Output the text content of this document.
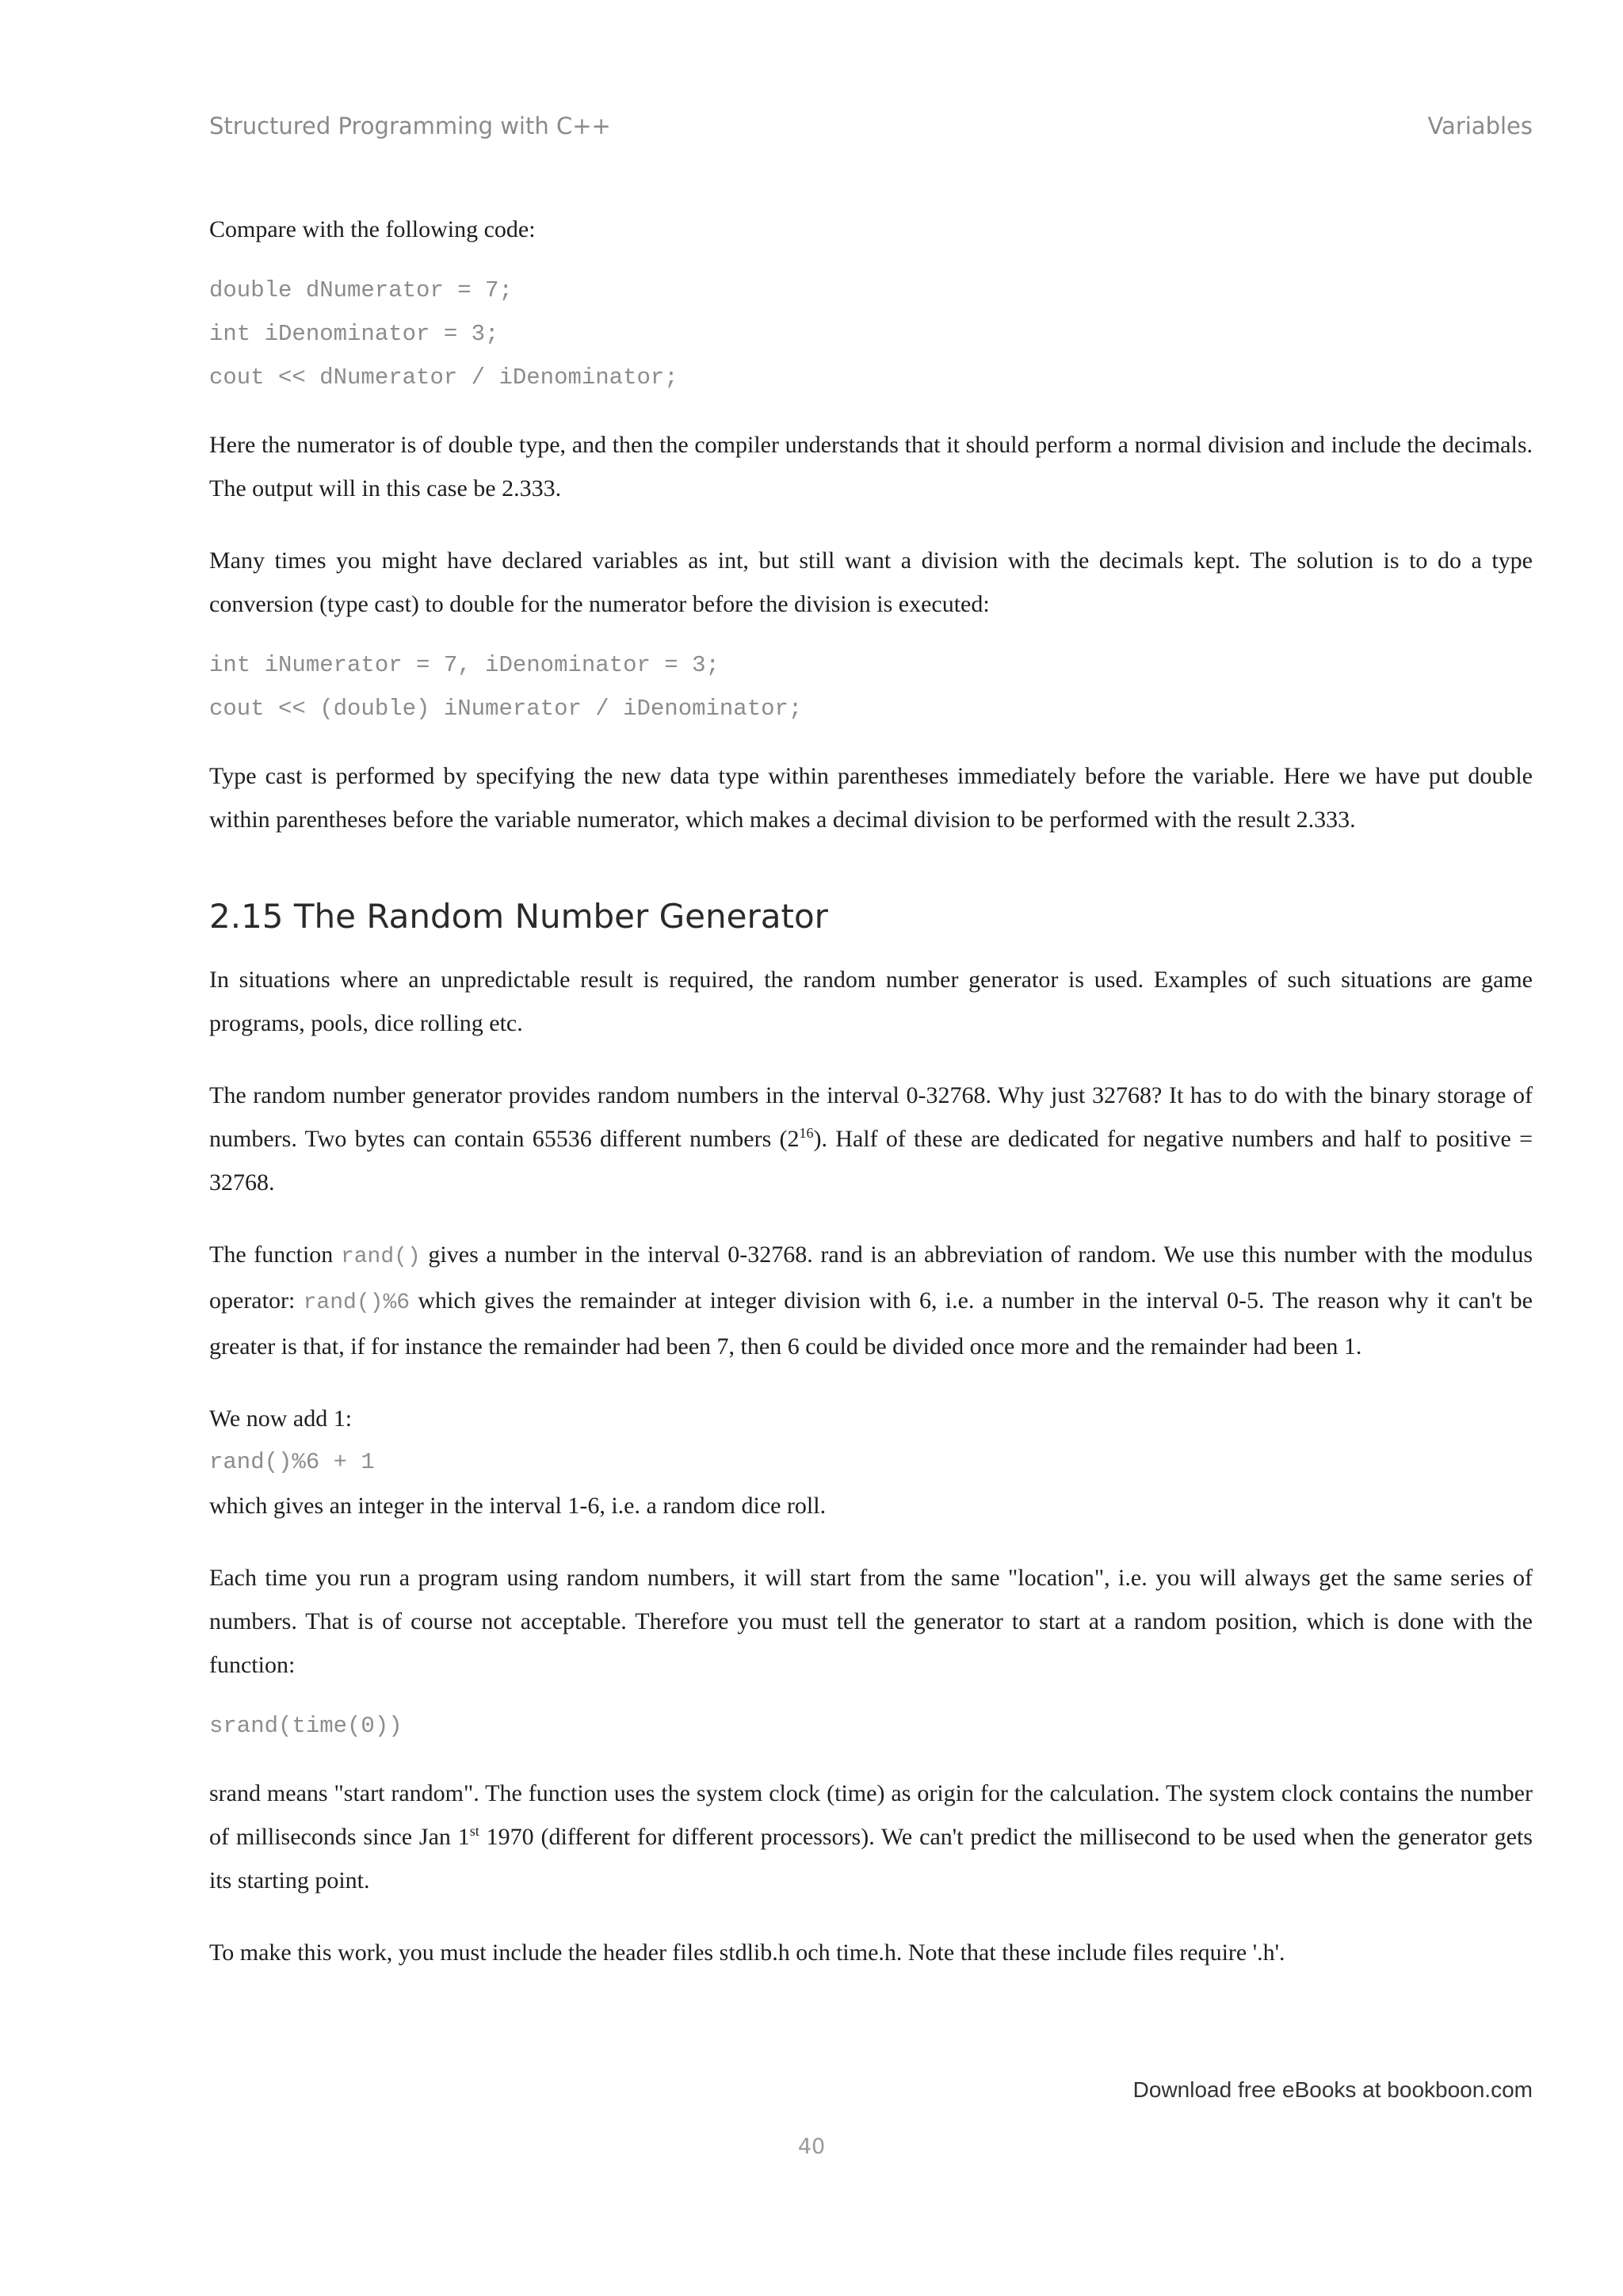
Structured Programming with C++	Variables

Compare with the following code:

double dNumerator = 7;
int iDenominator = 3;
cout << dNumerator / iDenominator;

Here the numerator is of double type, and then the compiler understands that it should perform a normal division and include the decimals. The output will in this case be 2.333.

Many times you might have declared variables as int, but still want a division with the decimals kept. The solution is to do a type conversion (type cast) to double for the numerator before the division is executed:

int iNumerator = 7, iDenominator = 3;
cout << (double) iNumerator / iDenominator;

Type cast is performed by specifying the new data type within parentheses immediately before the variable. Here we have put double within parentheses before the variable numerator, which makes a decimal division to be performed with the result 2.333.

2.15 The Random Number Generator

In situations where an unpredictable result is required, the random number generator is used. Examples of such situations are game programs, pools, dice rolling etc.

The random number generator provides random numbers in the interval 0-32768. Why just 32768? It has to do with the binary storage of numbers. Two bytes can contain 65536 different numbers $(2^{16})$. Half of these are dedicated for negative numbers and half to positive = 32768.

The function rand() gives a number in the interval 0-32768. rand is an abbreviation of random. We use this number with the modulus operator: rand()%6 which gives the remainder at integer division with 6, i.e. a number in the interval 0-5. The reason why it can't be greater is that, if for instance the remainder had been 7, then 6 could be divided once more and the remainder had been 1.

We now add 1:

rand()%6 + 1

which gives an integer in the interval 1-6, i.e. a random dice roll.

Each time you run a program using random numbers, it will start from the same "location", i.e. you will always get the same series of numbers. That is of course not acceptable. Therefore you must tell the generator to start at a random position, which is done with the function:

srand(time(0))

srand means "start random". The function uses the system clock (time) as origin for the calculation. The system clock contains the number of milliseconds since Jan 1st 1970 (different for different processors). We can't predict the millisecond to be used when the generator gets its starting point.

To make this work, you must include the header files stdlib.h och time.h. Note that these include files require '.h'.

Download free eBooks at bookboon.com
40
